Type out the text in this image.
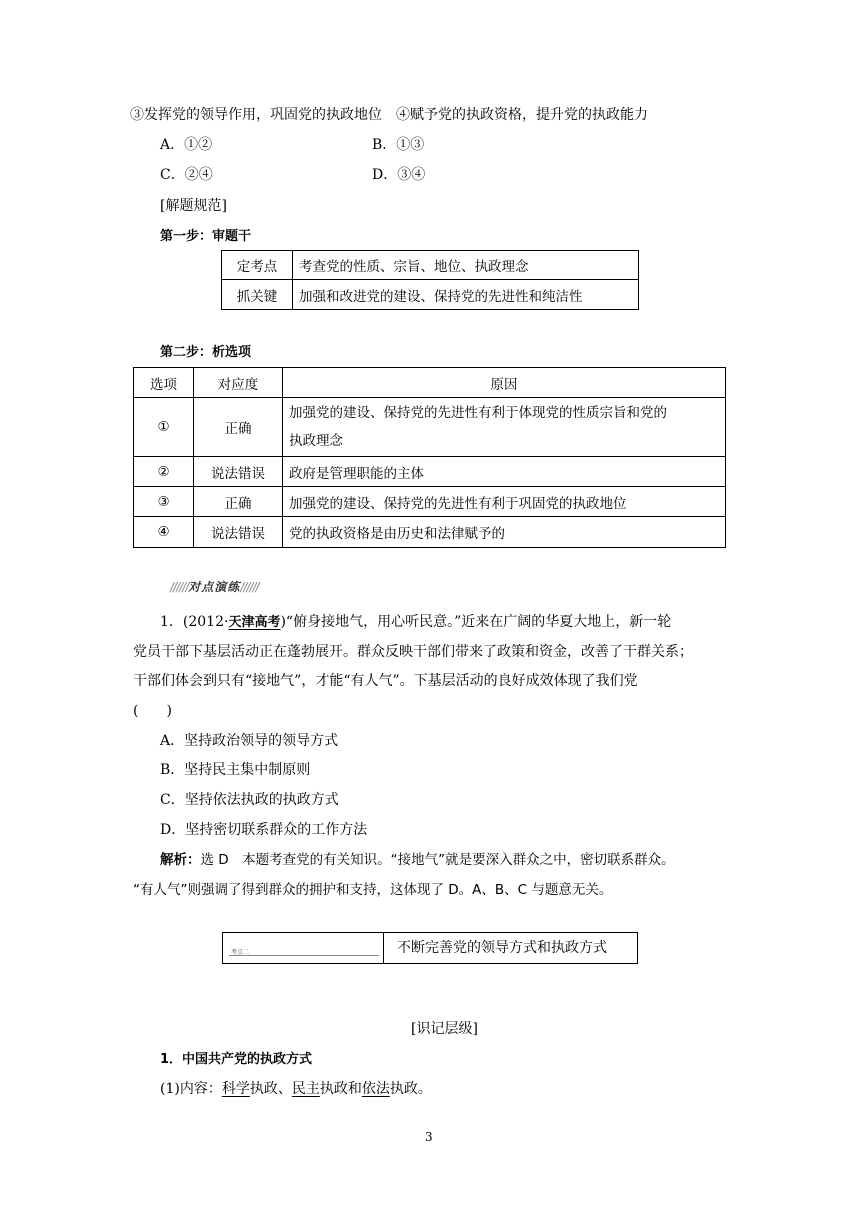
③发挥党的领导作用，巩固党的执政地位　④赋予党的执政资格，提升党的执政能力
A．①②	B．①③
C．②④	D．③④
[解题规范]
第一步：审题干
定考点	考查党的性质、宗旨、地位、执政理念
抓关键	加强和改进党的建设、保持党的先进性和纯洁性
第二步：析选项
选项	对应度	原因
①	正确	加强党的建设、保持党的先进性有利于体现党的性质宗旨和党的
执政理念

②	说法错误	政府是管理职能的主体
③	正确	加强党的建设、保持党的先进性有利于巩固党的执政地位
④	说法错误	党的执政资格是由历史和法律赋予的
//////对点演练//////
1．(2012·天津高考)“俯身接地气，用心听民意。”近来在广阔的华夏大地上，新一轮
党员干部下基层活动正在蓬勃展开。群众反映干部们带来了政策和资金，改善了干群关系；
干部们体会到只有“接地气”，才能“有人气”。下基层活动的良好成效体现了我们党
(　　)
A．坚持政治领导的领导方式
B．坚持民主集中制原则
C．坚持依法执政的执政方式
D．坚持密切联系群众的工作方法
解析：选 D　本题考查党的有关知识。“接地气”就是要深入群众之中，密切联系群众。
“有人气”则强调了得到群众的拥护和支持，这体现了 D。A、B、C 与题意无关。
考点二	不断完善党的领导方式和执政方式
[识记层级]
1．中国共产党的执政方式
(1)内容：科学执政、民主执政和依法执政。
3
